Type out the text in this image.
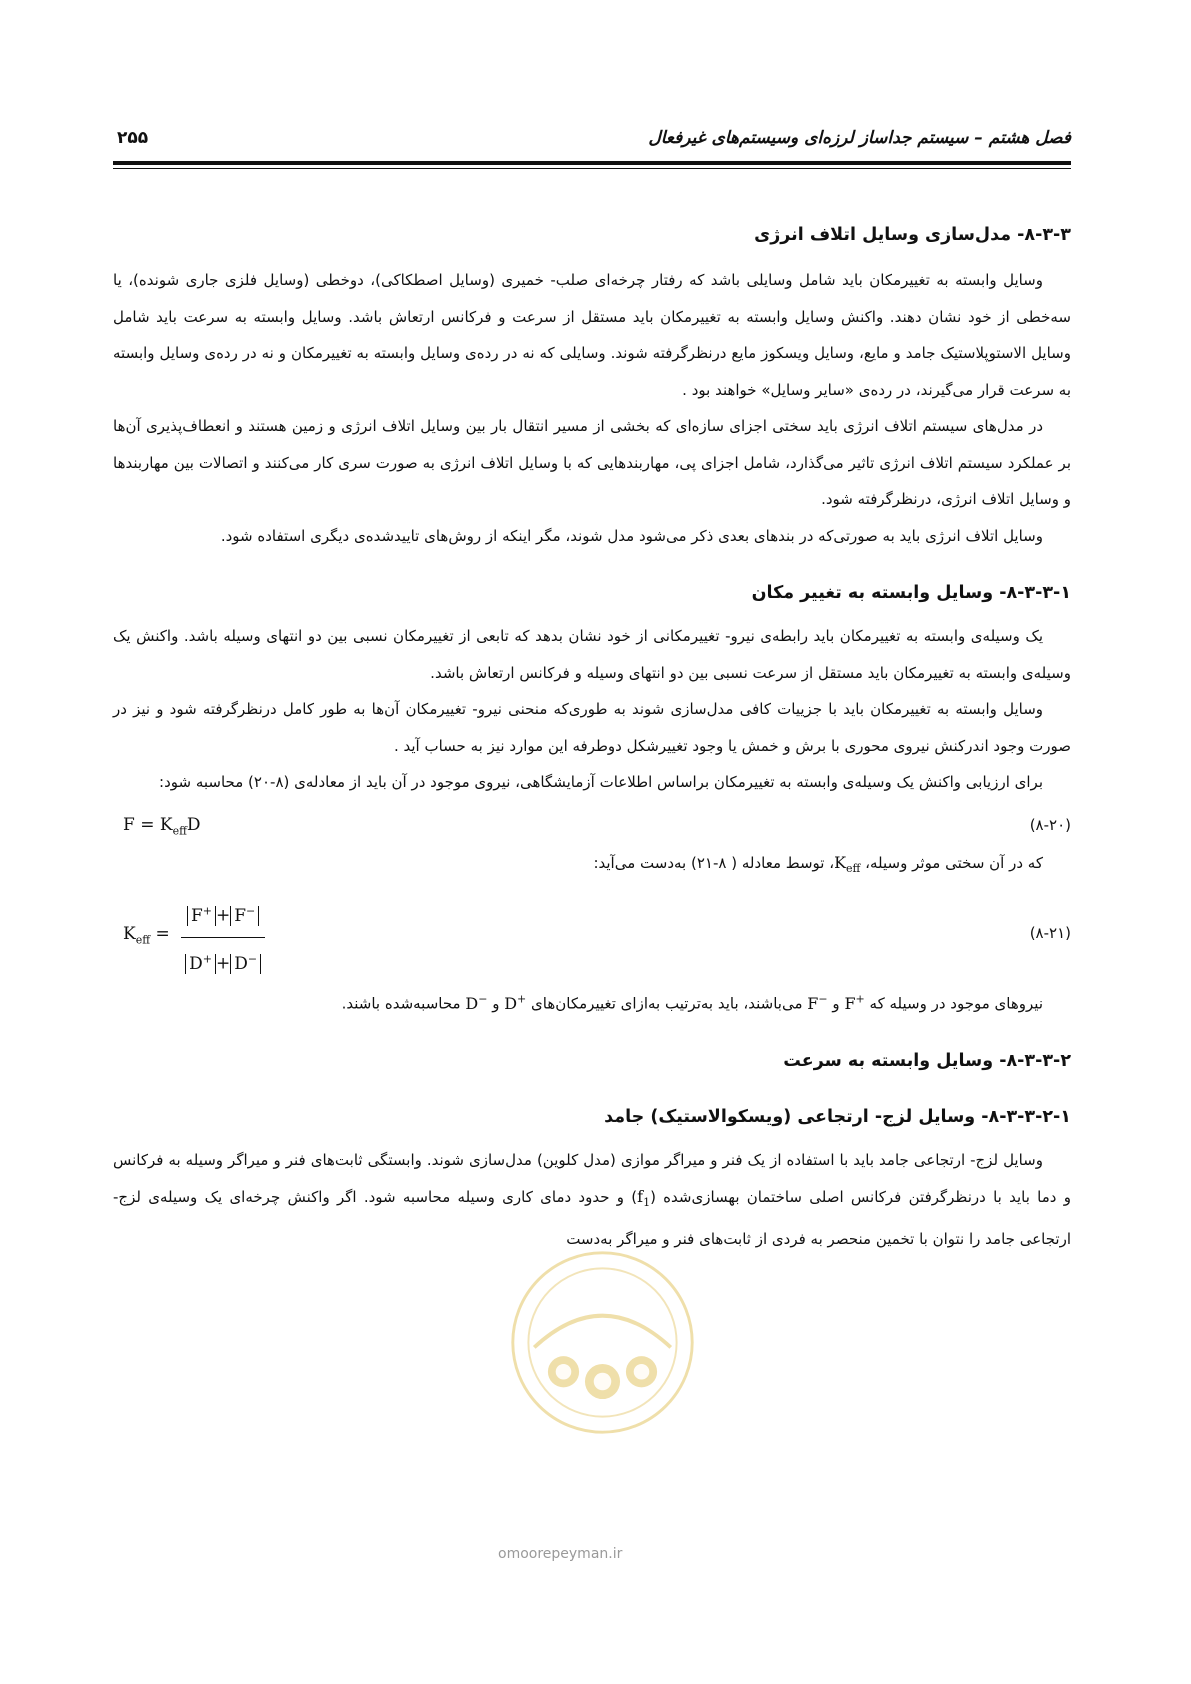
فصل هشتم – سیستم جداساز لرزه‌ای وسیستم‌های غیرفعال
۲۵۵
۸-۳-۳- مدل‌سازی وسایل اتلاف انرژی

وسایل وابسته به تغییرمکان باید شامل وسایلی باشد که رفتار چرخه‌ای صلب- خمیری (وسایل اصطکاکی)، دوخطی (وسایل فلزی جاری شونده)، یا سه‌خطی از خود نشان دهند. واکنش وسایل وابسته به تغییرمکان باید مستقل از سرعت و فرکانس ارتعاش باشد. وسایل وابسته به سرعت باید شامل وسایل الاستوپلاستیک جامد و مایع، وسایل ویسکوز مایع درنظرگرفته شوند. وسایلی که نه در رده‌ی وسایل وابسته به تغییرمکان و نه در رده‌ی وسایل وابسته به سرعت قرار می‌گیرند، در رده‌ی «سایر وسایل» خواهند بود .

در مدل‌های سیستم اتلاف انرژی باید سختی اجزای سازه‌ای که بخشی از مسیر انتقال بار بین وسایل اتلاف انرژی و زمین هستند و انعطاف‌پذیری آن‌ها بر عملکرد سیستم اتلاف انرژی تاثیر می‌گذارد، شامل اجزای پی، مهاربندهایی که با وسایل اتلاف انرژی به صورت سری کار می‌کنند و اتصالات بین مهاربندها و وسایل اتلاف انرژی، درنظرگرفته شود.

وسایل اتلاف انرژی باید به صورتی‌که در بندهای بعدی ذکر می‌شود مدل شوند، مگر اینکه از روش‌های تاییدشده‌ی دیگری استفاده شود.

۸-۳-۳-۱- وسایل وابسته به تغییر مکان

یک وسیله‌ی وابسته به تغییرمکان باید رابطه‌ی نیرو- تغییرمکانی از خود نشان بدهد که تابعی از تغییرمکان نسبی بین دو انتهای وسیله باشد. واکنش یک وسیله‌ی وابسته به تغییرمکان باید مستقل از سرعت نسبی بین دو انتهای وسیله و فرکانس ارتعاش باشد.

وسایل وابسته به تغییرمکان باید با جزییات کافی مدل‌سازی شوند به طوری‌که منحنی نیرو- تغییرمکان آن‌ها به طور کامل درنظرگرفته شود و نیز در صورت وجود اندرکنش نیروی محوری با برش و خمش یا وجود تغییرشکل دوطرفه این موارد نیز به حساب آید .

برای ارزیابی واکنش یک وسیله‌ی وابسته به تغییرمکان براساس اطلاعات آزمایشگاهی، نیروی موجود در آن باید از معادله‌ی (۸-۲۰) محاسبه شود:

(۸-۲۰)
$F = K_{eff}D$

که در آن سختی موثر وسیله، $K_{eff}،$ توسط معادله ( ۸-۲۱) به‌دست می‌آید:

(۸-۲۱)
$K_{eff} = \frac{F^+ + F^-}{D^+ + D^-}$

نیروهای موجود در وسیله که F+ و F− می‌باشند، باید به‌ترتیب به‌ازای تغییرمکان‌های D+ و D− محاسبه‌شده باشند.

۸-۳-۳-۲- وسایل وابسته به سرعت
۸-۳-۳-۲-۱- وسایل لزج- ارتجاعی (ویسکوالاستیک) جامد

وسایل لزج- ارتجاعی جامد باید با استفاده از یک فنر و میراگر موازی (مدل کلوین) مدل‌سازی شوند. وابستگی ثابت‌های فنر و میراگر وسیله به فرکانس و دما باید با درنظرگرفتن فرکانس اصلی ساختمان بهسازی‌شده $(f_1)$ و حدود دمای کاری وسیله محاسبه شود. اگر واکنش چرخه‌ای یک وسیله‌ی لزج- ارتجاعی جامد را نتوان با تخمین منحصر به فردی از ثابت‌های فنر و میراگر به‌دست

omoorepeyman.ir
